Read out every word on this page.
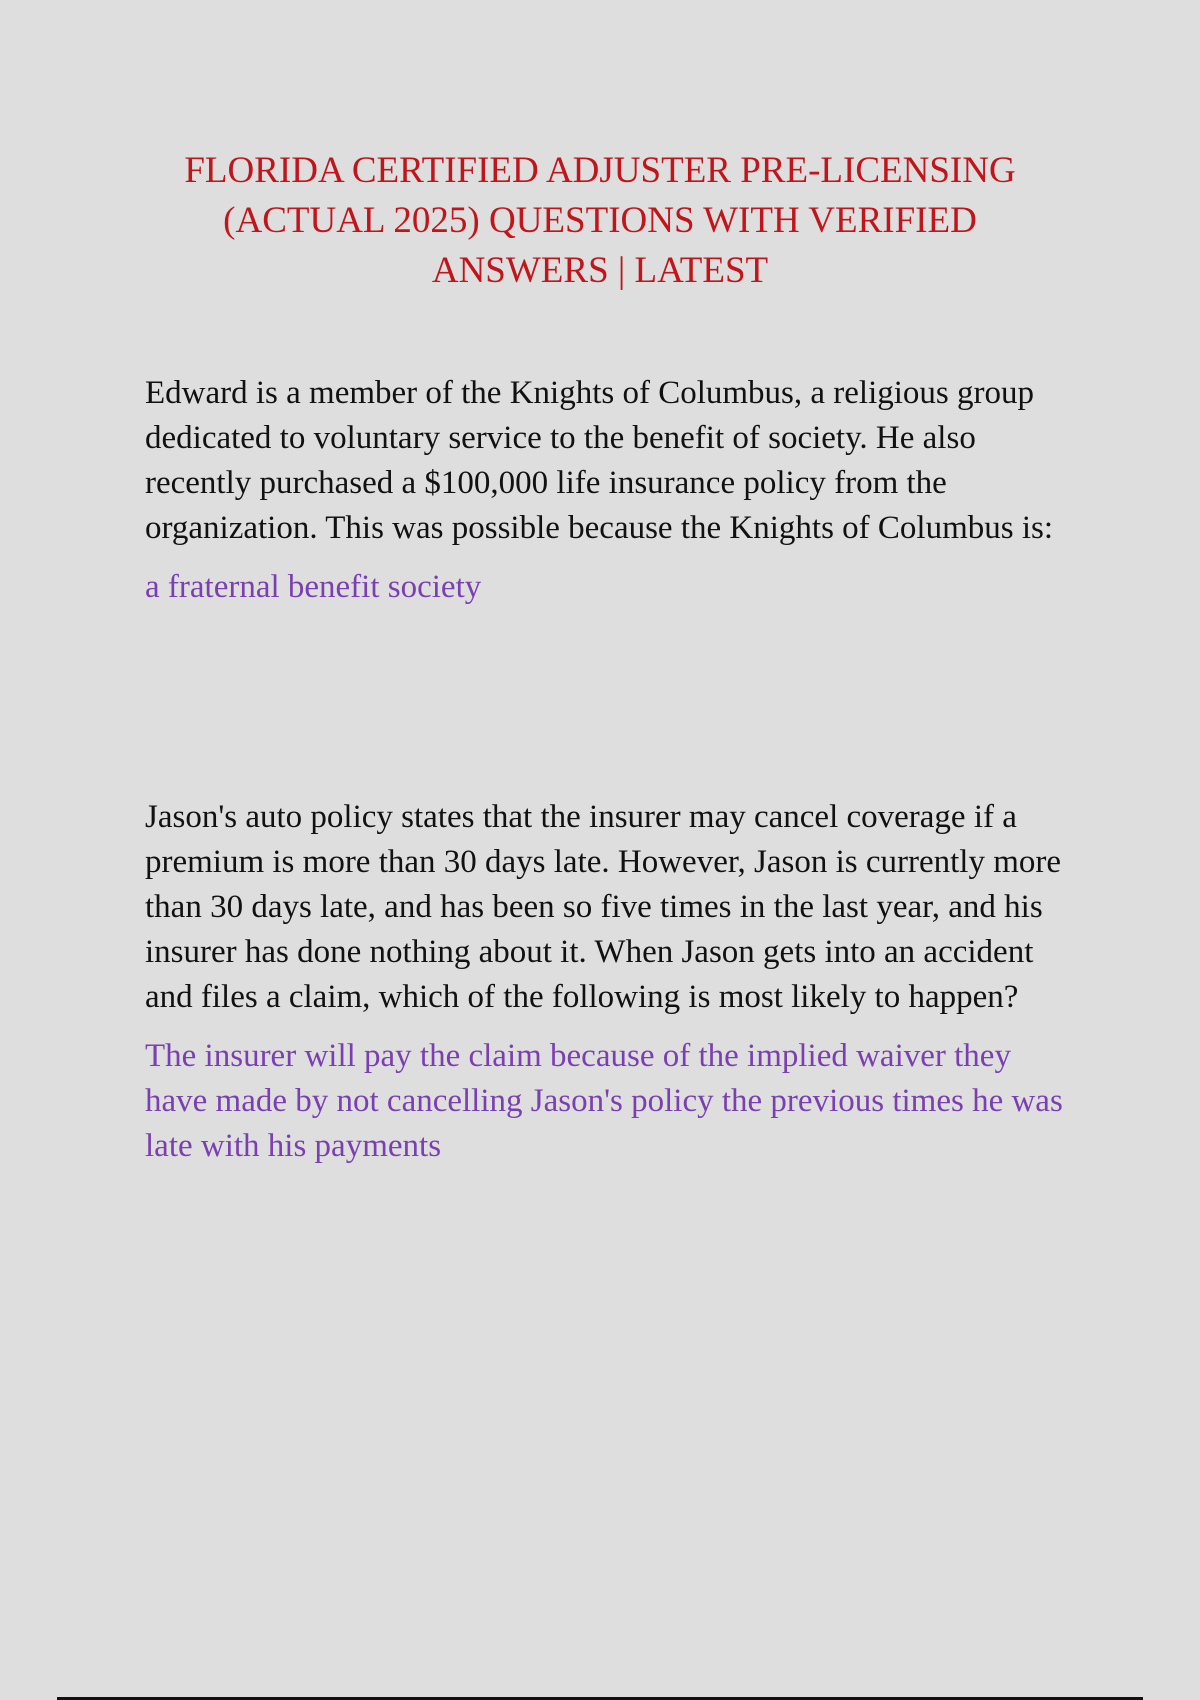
FLORIDA CERTIFIED ADJUSTER PRE-LICENSING (ACTUAL 2025) QUESTIONS WITH VERIFIED ANSWERS | LATEST

Edward is a member of the Knights of Columbus, a religious group dedicated to voluntary service to the benefit of society. He also recently purchased a $100,000 life insurance policy from the organization. This was possible because the Knights of Columbus is:

a fraternal benefit society

Jason's auto policy states that the insurer may cancel coverage if a premium is more than 30 days late. However, Jason is currently more than 30 days late, and has been so five times in the last year, and his insurer has done nothing about it. When Jason gets into an accident and files a claim, which of the following is most likely to happen?

The insurer will pay the claim because of the implied waiver they have made by not cancelling Jason's policy the previous times he was late with his payments
